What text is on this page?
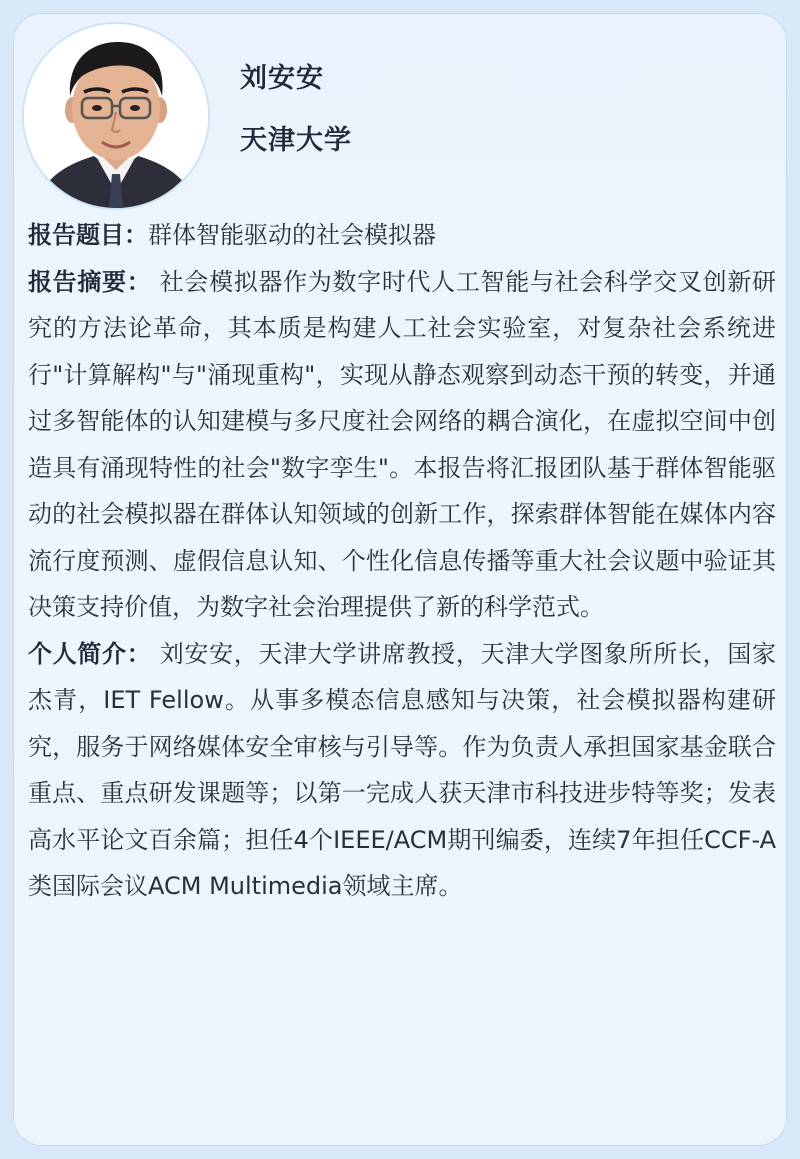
刘安安
天津大学

报告题目：群体智能驱动的社会模拟器

报告摘要： 社会模拟器作为数字时代人工智能与社会科学交叉创新研究的方法论革命，其本质是构建人工社会实验室，对复杂社会系统进行"计算解构"与"涌现重构"，实现从静态观察到动态干预的转变，并通过多智能体的认知建模与多尺度社会网络的耦合演化，在虚拟空间中创造具有涌现特性的社会"数字孪生"。本报告将汇报团队基于群体智能驱动的社会模拟器在群体认知领域的创新工作，探索群体智能在媒体内容流行度预测、虚假信息认知、个性化信息传播等重大社会议题中验证其决策支持价值，为数字社会治理提供了新的科学范式。

个人简介： 刘安安，天津大学讲席教授，天津大学图象所所长，国家杰青，IET Fellow。从事多模态信息感知与决策，社会模拟器构建研究，服务于网络媒体安全审核与引导等。作为负责人承担国家基金联合重点、重点研发课题等；以第一完成人获天津市科技进步特等奖；发表高水平论文百余篇；担任4个IEEE/ACM期刊编委，连续7年担任CCF-A类国际会议ACM Multimedia领域主席。
